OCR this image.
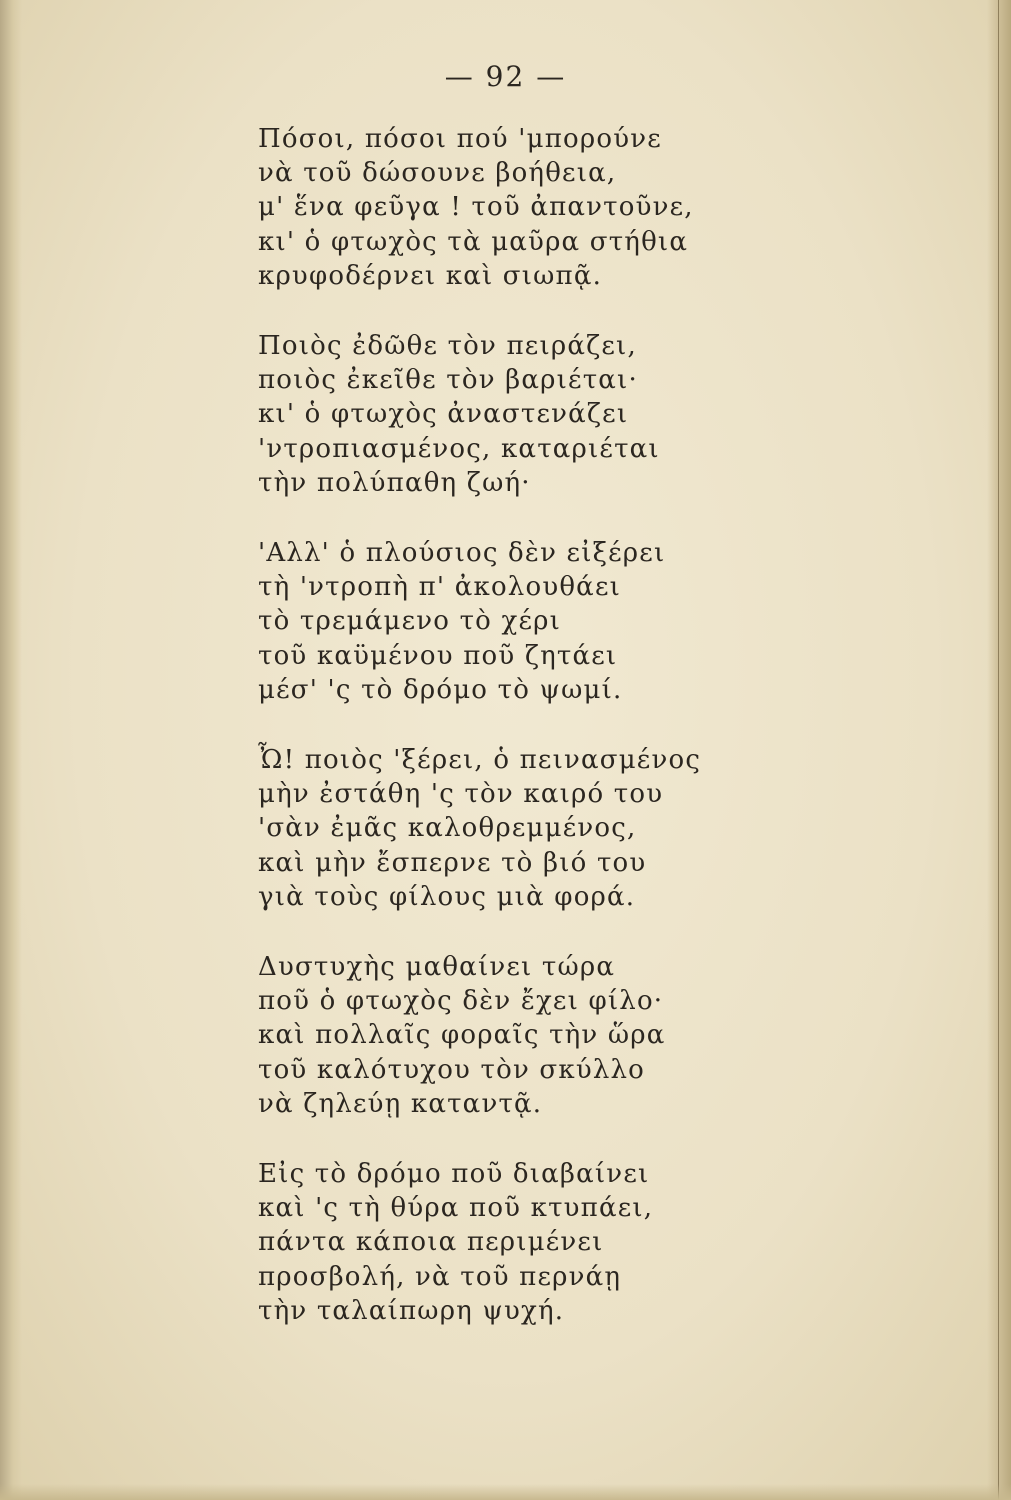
— 92 —
Πόσοι, πόσοι πού 'μπορούνε
νὰ τοῦ δώσουνε βοήθεια,
μ' ἕνα φεῦγα ! τοῦ ἀπαντοῦνε,
κι' ὁ φτωχὸς τὰ μαῦρα στήθια
κρυφοδέρνει καὶ σιωπᾷ.
Ποιὸς ἐδῶθε τὸν πειράζει,
ποιὸς ἐκεῖθε τὸν βαριέται·
κι' ὁ φτωχὸς ἀναστενάζει
'ντροπιασμένος, καταριέται
τὴν πολύπαθη ζωή·
'Αλλ' ὁ πλούσιος δὲν εἰξέρει
τὴ 'ντροπὴ π' ἀκολουθάει
τὸ τρεμάμενο τὸ χέρι
τοῦ καϋμένου ποῦ ζητάει
μέσ' 'ς τὸ δρόμο τὸ ψωμί.
Ὦ! ποιὸς 'ξέρει, ὁ πεινασμένος
μὴν ἐστάθη 'ς τὸν καιρό του
'σὰν ἐμᾶς καλοθρεμμένος,
καὶ μὴν ἔσπερνε τὸ βιό του
γιὰ τοὺς φίλους μιὰ φορά.
Δυστυχὴς μαθαίνει τώρα
ποῦ ὁ φτωχὸς δὲν ἔχει φίλο·
καὶ πολλαῖς φοραῖς τὴν ὥρα
τοῦ καλότυχου τὸν σκύλλο
νὰ ζηλεύῃ καταντᾷ.
Εἰς τὸ δρόμο ποῦ διαβαίνει
καὶ 'ς τὴ θύρα ποῦ κτυπάει,
πάντα κάποια περιμένει
προσβολή, νὰ τοῦ περνάῃ
τὴν ταλαίπωρη ψυχή.
